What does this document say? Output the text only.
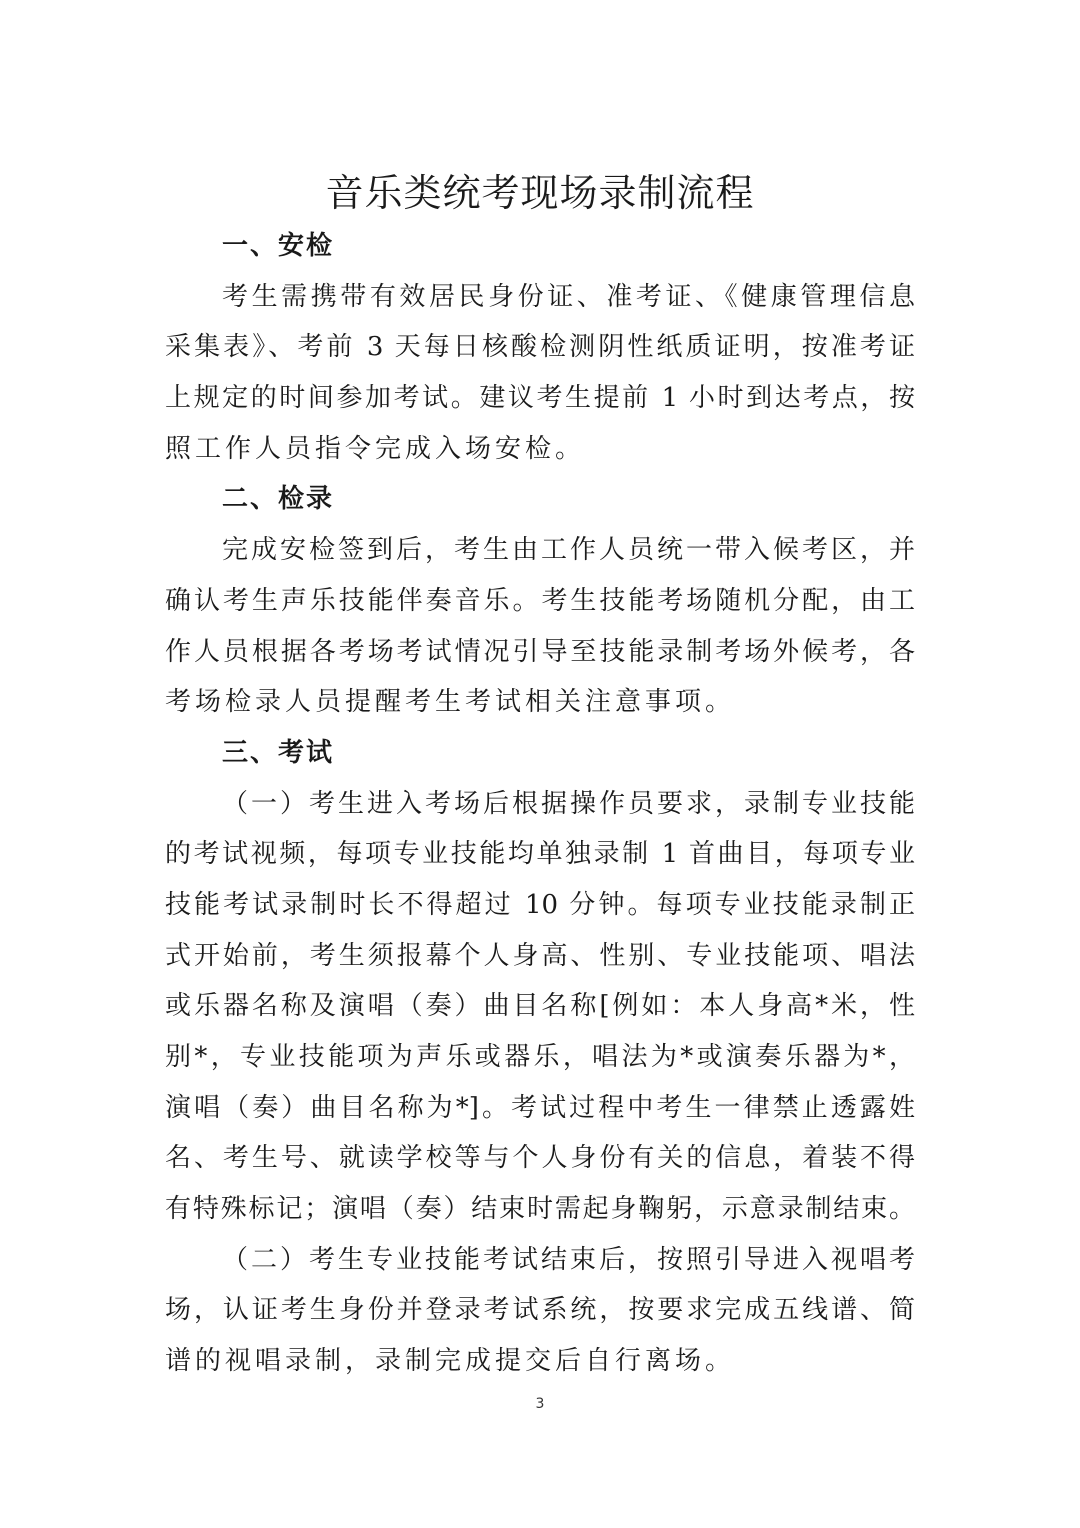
音乐类统考现场录制流程
一、安检
考生需携带有效居民身份证、准考证、《健康管理信息
采集表》、考前 3 天每日核酸检测阴性纸质证明，按准考证
上规定的时间参加考试。建议考生提前 1 小时到达考点，按
照工作人员指令完成入场安检。
二、检录
完成安检签到后，考生由工作人员统一带入候考区，并
确认考生声乐技能伴奏音乐。考生技能考场随机分配，由工
作人员根据各考场考试情况引导至技能录制考场外候考，各
考场检录人员提醒考生考试相关注意事项。
三、考试
（一）考生进入考场后根据操作员要求，录制专业技能
的考试视频，每项专业技能均单独录制 1 首曲目，每项专业
技能考试录制时长不得超过 10 分钟。每项专业技能录制正
式开始前，考生须报幕个人身高、性别、专业技能项、唱法
或乐器名称及演唱（奏）曲目名称[例如：本人身高*米，性
别*，专业技能项为声乐或器乐，唱法为*或演奏乐器为*，
演唱（奏）曲目名称为*]。考试过程中考生一律禁止透露姓
名、考生号、就读学校等与个人身份有关的信息，着装不得
有特殊标记；演唱（奏）结束时需起身鞠躬，示意录制结束。
（二）考生专业技能考试结束后，按照引导进入视唱考
场，认证考生身份并登录考试系统，按要求完成五线谱、简
谱的视唱录制，录制完成提交后自行离场。
3
